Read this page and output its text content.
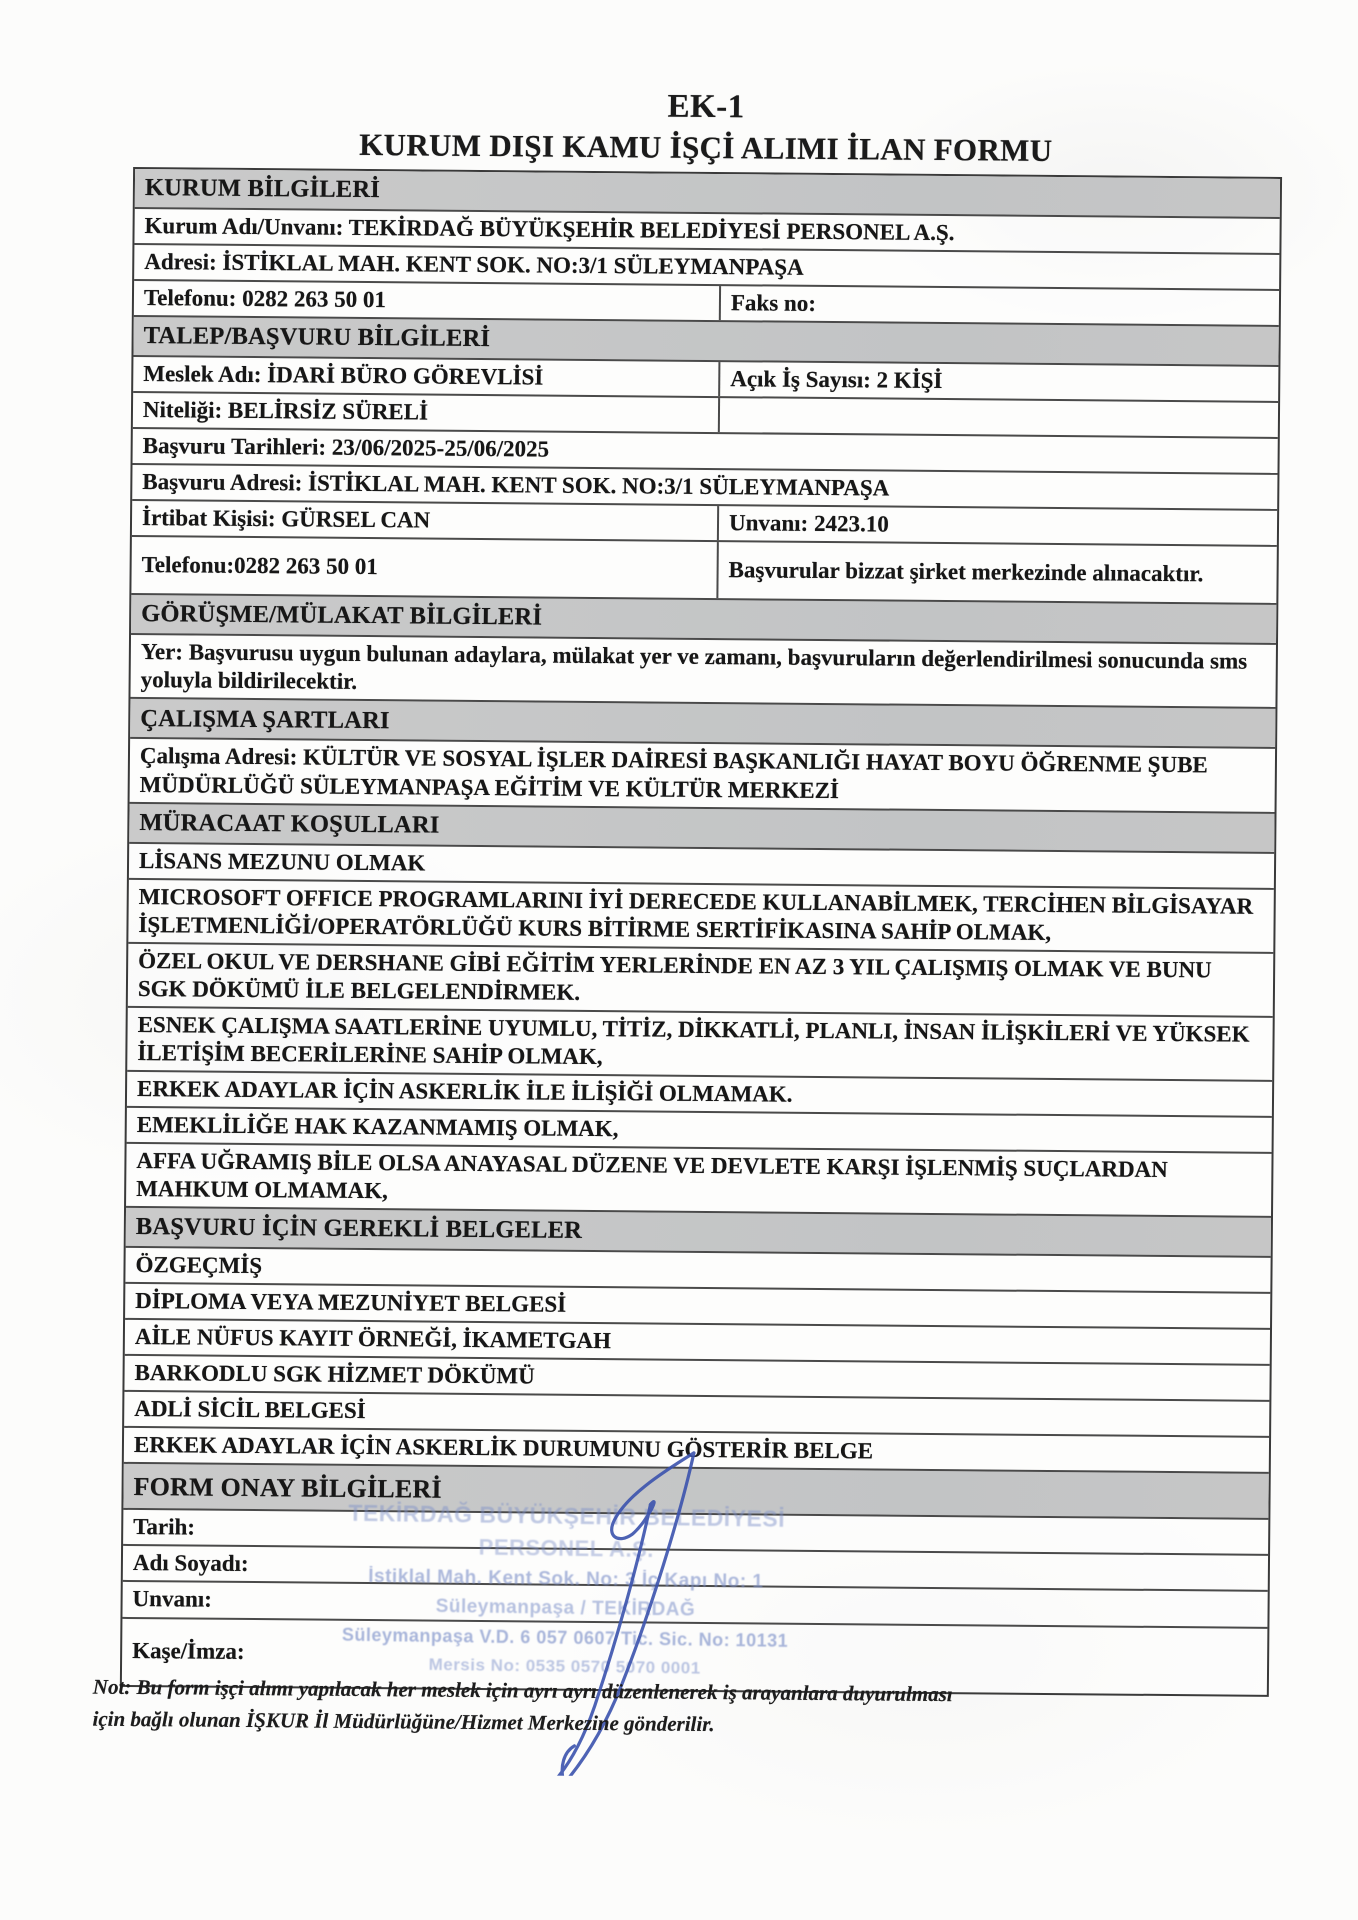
EK-1
KURUM DIŞI KAMU İŞÇİ ALIMI İLAN FORMU
KURUM BİLGİLERİ
Kurum Adı/Unvanı: TEKİRDAĞ BÜYÜKŞEHİR BELEDİYESİ PERSONEL A.Ş.
Adresi: İSTİKLAL MAH. KENT SOK. NO:3/1 SÜLEYMANPAŞA
Telefonu: 0282 263 50 01	Faks no:
TALEP/BAŞVURU BİLGİLERİ
Meslek Adı: İDARİ BÜRO GÖREVLİSİ	Açık İş Sayısı: 2 KİŞİ
Niteliği: BELİRSİZ SÜRELİ
Başvuru Tarihleri: 23/06/2025-25/06/2025
Başvuru Adresi: İSTİKLAL MAH. KENT SOK. NO:3/1 SÜLEYMANPAŞA
İrtibat Kişisi: GÜRSEL CAN	Unvanı: 2423.10
Telefonu:0282 263 50 01	Başvurular bizzat şirket merkezinde alınacaktır.
GÖRÜŞME/MÜLAKAT BİLGİLERİ
Yer: Başvurusu uygun bulunan adaylara, mülakat yer ve zamanı, başvuruların değerlendirilmesi sonucunda sms yoluyla bildirilecektir.
ÇALIŞMA ŞARTLARI
Çalışma Adresi: KÜLTÜR VE SOSYAL İŞLER DAİRESİ BAŞKANLIĞI HAYAT BOYU ÖĞRENME ŞUBE MÜDÜRLÜĞÜ SÜLEYMANPAŞA EĞİTİM VE KÜLTÜR MERKEZİ
MÜRACAAT KOŞULLARI
LİSANS MEZUNU OLMAK
MICROSOFT OFFICE PROGRAMLARINI İYİ DERECEDE KULLANABİLMEK, TERCİHEN BİLGİSAYAR İŞLETMENLİĞİ/OPERATÖRLÜĞÜ KURS BİTİRME SERTİFİKASINA SAHİP OLMAK,
ÖZEL OKUL VE DERSHANE GİBİ EĞİTİM YERLERİNDE EN AZ 3 YIL ÇALIŞMIŞ OLMAK VE BUNU SGK DÖKÜMÜ İLE BELGELENDİRMEK.
ESNEK ÇALIŞMA SAATLERİNE UYUMLU, TİTİZ, DİKKATLİ, PLANLI, İNSAN İLİŞKİLERİ VE YÜKSEK İLETİŞİM BECERİLERİNE SAHİP OLMAK,
ERKEK ADAYLAR İÇİN ASKERLİK İLE İLİŞİĞİ OLMAMAK.
EMEKLİLİĞE HAK KAZANMAMIŞ OLMAK,
AFFA UĞRAMIŞ BİLE OLSA ANAYASAL DÜZENE VE DEVLETE KARŞI İŞLENMİŞ SUÇLARDAN MAHKUM OLMAMAK,
BAŞVURU İÇİN GEREKLİ BELGELER
ÖZGEÇMİŞ
DİPLOMA VEYA MEZUNİYET BELGESİ
AİLE NÜFUS KAYIT ÖRNEĞİ, İKAMETGAH
BARKODLU SGK HİZMET DÖKÜMÜ
ADLİ SİCİL BELGESİ
ERKEK ADAYLAR İÇİN ASKERLİK DURUMUNU GÖSTERİR BELGE
FORM ONAY BİLGİLERİ
Tarih:
Adı Soyadı:
Unvanı:
Kaşe/İmza:
TEKİRDAĞ BÜYÜKŞEHİR BELEDİYESİ
PERSONEL A.Ş.
İstiklal Mah. Kent Sok. No: 3 İç Kapı No: 1
Süleymanpaşa / TEKİRDAĞ
Süleymanpaşa V.D. 6 057 0607 Tic. Sic. No: 10131
Mersis No: 0535 0570 5070 0001
Not: Bu form işçi alımı yapılacak her meslek için ayrı ayrı düzenlenerek iş arayanlara duyurulması için bağlı olunan İŞKUR İl Müdürlüğüne/Hizmet Merkezine gönderilir.
